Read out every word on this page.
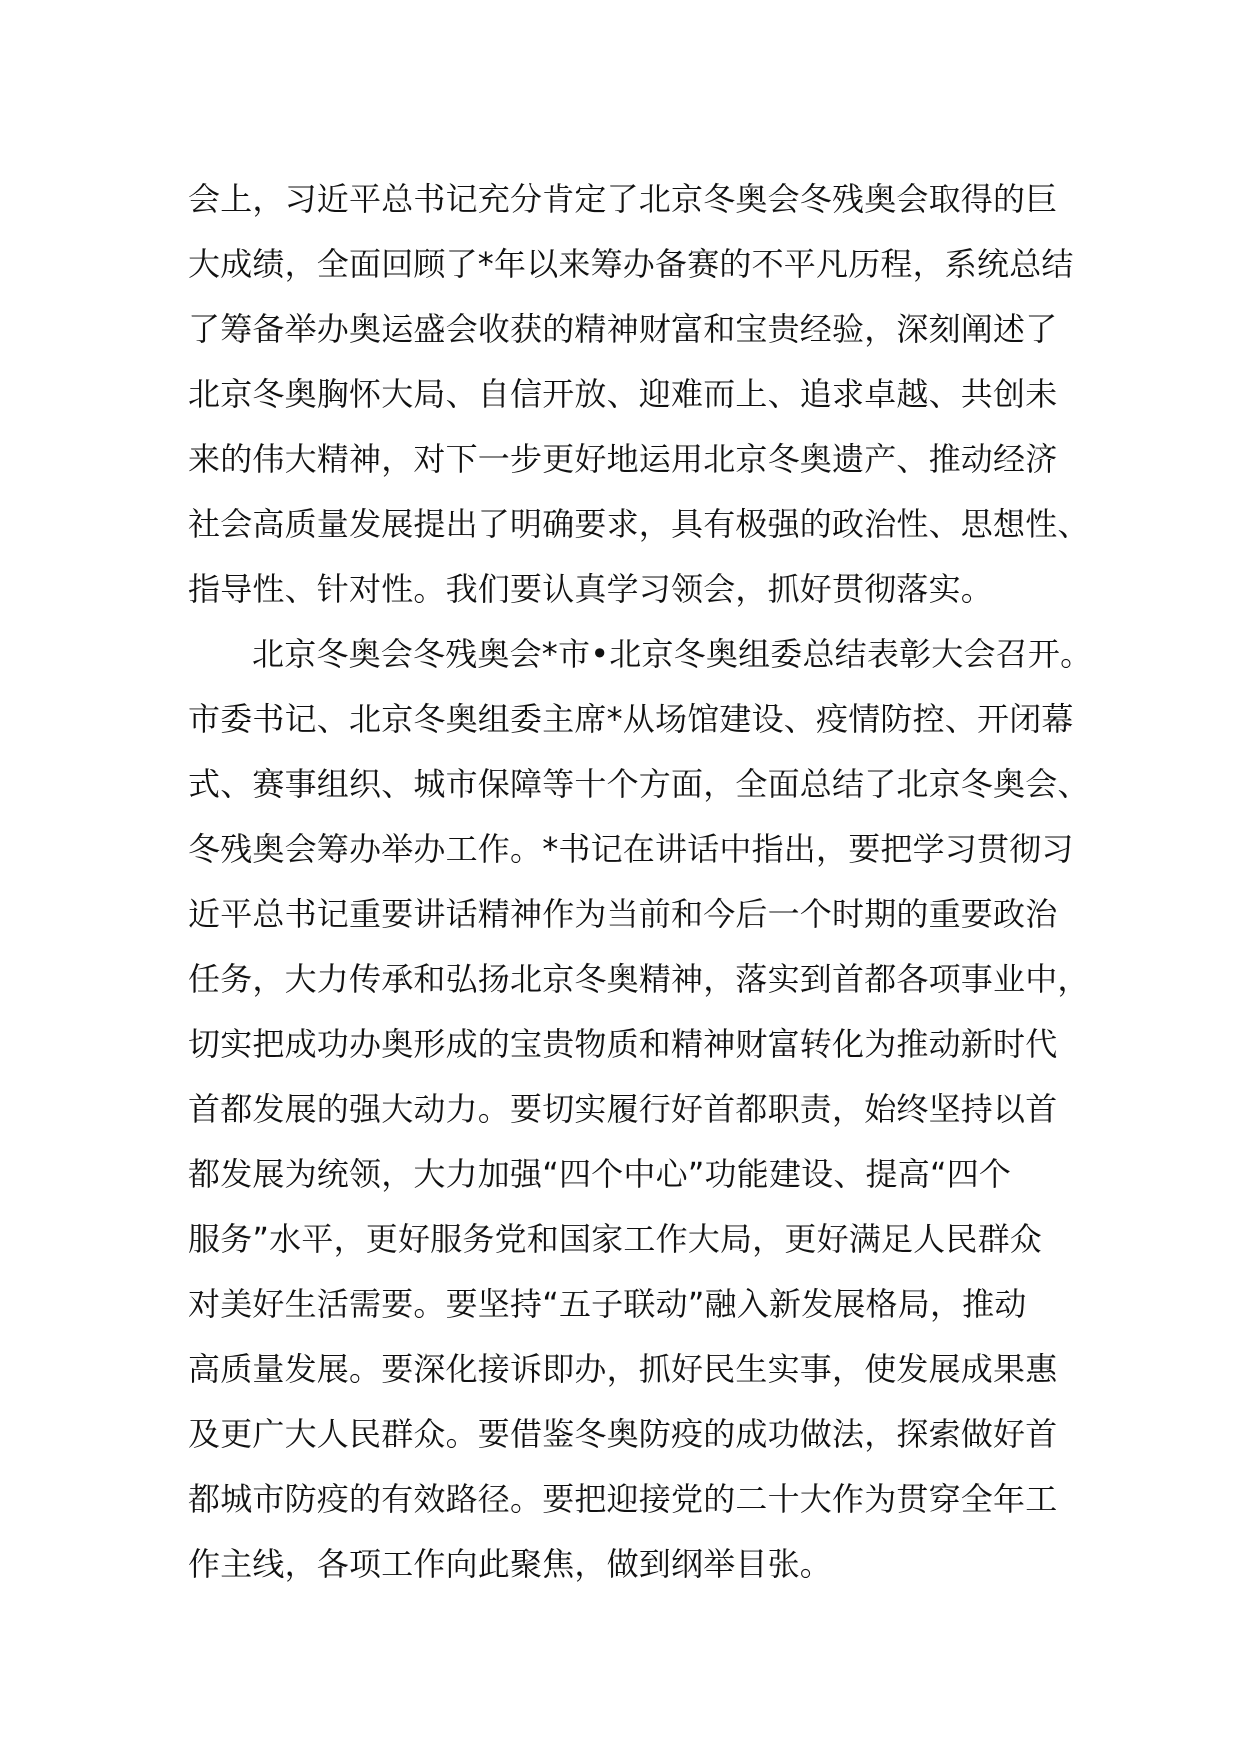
会上，习近平总书记充分肯定了北京冬奥会冬残奥会取得的巨
大成绩，全面回顾了*年以来筹办备赛的不平凡历程，系统总结
了筹备举办奥运盛会收获的精神财富和宝贵经验，深刻阐述了
北京冬奥胸怀大局、自信开放、迎难而上、追求卓越、共创未
来的伟大精神，对下一步更好地运用北京冬奥遗产、推动经济
社会高质量发展提出了明确要求，具有极强的政治性、思想性、
指导性、针对性。我们要认真学习领会，抓好贯彻落实。
北京冬奥会冬残奥会*市•北京冬奥组委总结表彰大会召开。
市委书记、北京冬奥组委主席*从场馆建设、疫情防控、开闭幕
式、赛事组织、城市保障等十个方面，全面总结了北京冬奥会、
冬残奥会筹办举办工作。*书记在讲话中指出，要把学习贯彻习
近平总书记重要讲话精神作为当前和今后一个时期的重要政治
任务，大力传承和弘扬北京冬奥精神，落实到首都各项事业中，
切实把成功办奥形成的宝贵物质和精神财富转化为推动新时代
首都发展的强大动力。要切实履行好首都职责，始终坚持以首
都发展为统领，大力加强“四个中心”功能建设、提高“四个
服务”水平，更好服务党和国家工作大局，更好满足人民群众
对美好生活需要。要坚持“五子联动”融入新发展格局，推动
高质量发展。要深化接诉即办，抓好民生实事，使发展成果惠
及更广大人民群众。要借鉴冬奥防疫的成功做法，探索做好首
都城市防疫的有效路径。要把迎接党的二十大作为贯穿全年工
作主线，各项工作向此聚焦，做到纲举目张。
